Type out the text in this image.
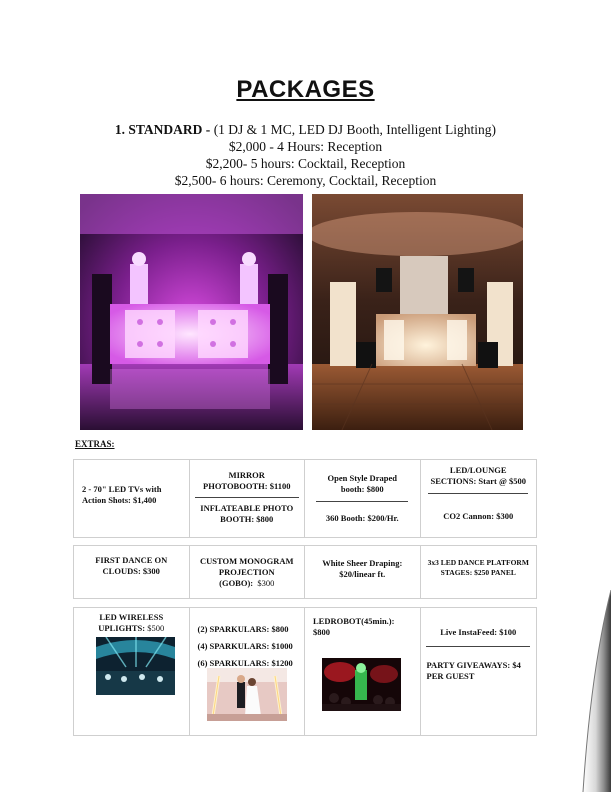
PACKAGES
1. STANDARD - (1 DJ & 1 MC, LED DJ Booth, Intelligent Lighting)
$2,000 - 4 Hours: Reception
$2,200- 5 hours: Cocktail, Reception
$2,500- 6 hours: Ceremony, Cocktail, Reception
EXTRAS:
2 - 70" LED TVs with Action Shots: $1,400
MIRROR PHOTOBOOTH: $1100
INFLATEABLE PHOTO BOOTH: $800
Open Style Draped booth: $800
360 Booth: $200/Hr.
LED/LOUNGE SECTIONS: Start @ $500
CO2 Cannon: $300
FIRST DANCE ON CLOUDS: $300
CUSTOM MONOGRAM PROJECTION
(GOBO): $300
White Sheer Draping: $20/linear ft.
3x3 LED DANCE PLATFORM STAGES: $250 PANEL
LED WIRELESS UPLIGHTS: $500	(2) SPARKULARS: $800
(4) SPARKULARS: $1000
(6) SPARKULARS: $1200
LEDROBOT(45min.): $800	Live InstaFeed: $100
PARTY GIVEAWAYS: $4 PER GUEST
